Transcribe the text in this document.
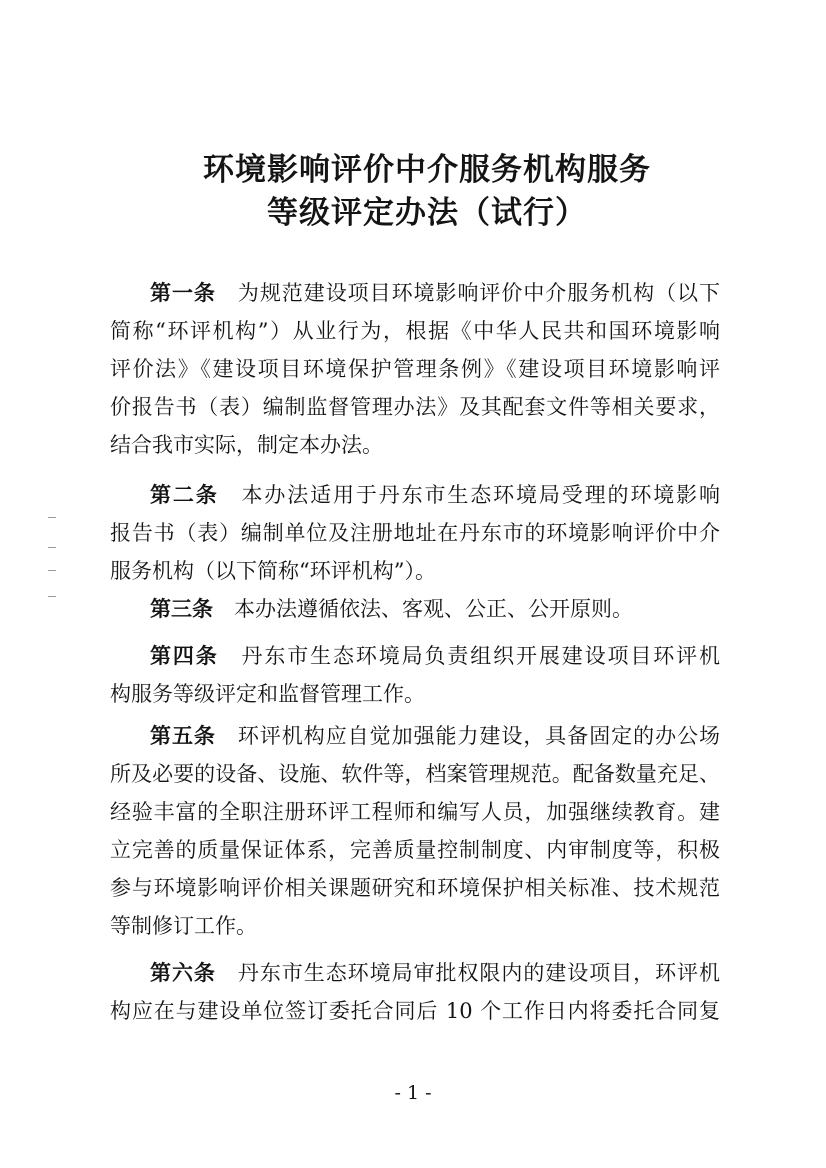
环境影响评价中介服务机构服务
等级评定办法（试行）
第一条　 为规范建设项目环境影响评价中介服务机构（以下
简称“环评机构”）从业行为，根据《中华人民共和国环境影响
评价法》《建设项目环境保护管理条例》《建设项目环境影响评
价报告书（表）编制监督管理办法》及其配套文件等相关要求，
结合我市实际，制定本办法。
第二条　 本办法适用于丹东市生态环境局受理的环境影响
报告书（表）编制单位及注册地址在丹东市的环境影响评价中介
服务机构（以下简称“环评机构”）。
第三条　 本办法遵循依法、客观、公正、公开原则。
第四条　 丹东市生态环境局负责组织开展建设项目环评机
构服务等级评定和监督管理工作。
第五条　 环评机构应自觉加强能力建设，具备固定的办公场
所及必要的设备、设施、软件等，档案管理规范。配备数量充足、
经验丰富的全职注册环评工程师和编写人员，加强继续教育。建
立完善的质量保证体系，完善质量控制制度、内审制度等，积极
参与环境影响评价相关课题研究和环境保护相关标准、技术规范
等制修订工作。
第六条　 丹东市生态环境局审批权限内的建设项目，环评机
构应在与建设单位签订委托合同后 10 个工作日内将委托合同复
- 1 -
